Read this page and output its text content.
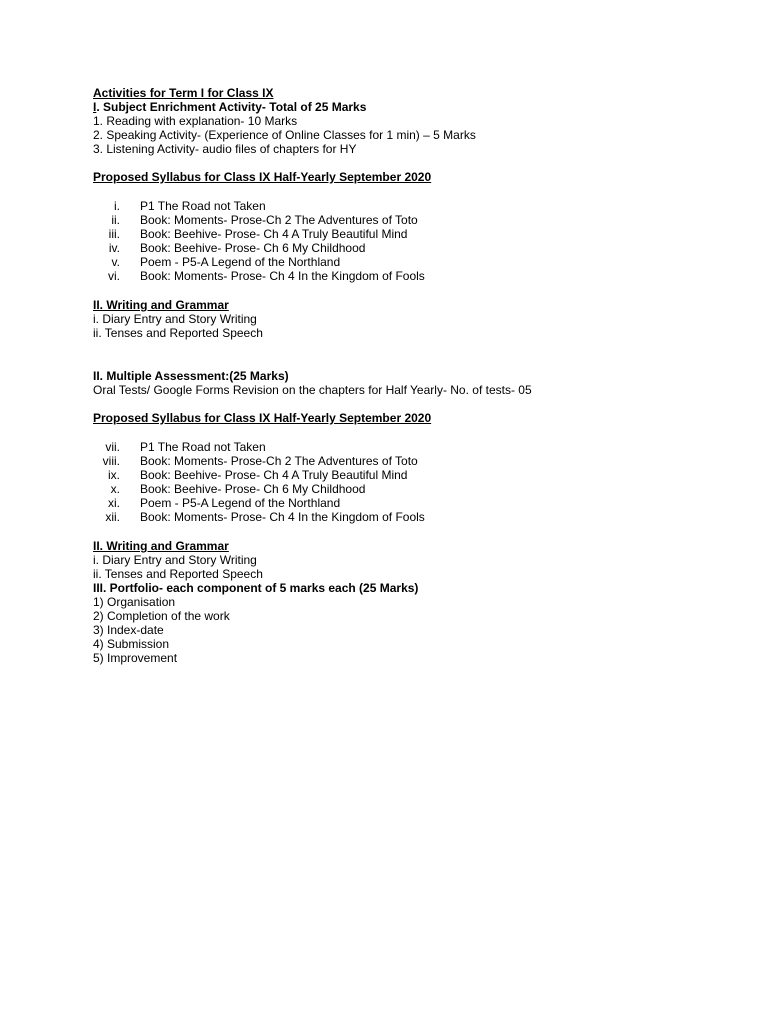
Activities for Term I for Class IX
I. Subject Enrichment Activity- Total of 25 Marks
1. Reading with explanation- 10 Marks
2. Speaking Activity- (Experience of Online Classes for 1 min) – 5 Marks
3. Listening Activity- audio files of chapters for HY
Proposed Syllabus for Class IX Half-Yearly September 2020
i. P1 The Road not Taken
ii. Book: Moments- Prose-Ch 2 The Adventures of Toto
iii. Book: Beehive- Prose- Ch 4 A Truly Beautiful Mind
iv. Book: Beehive- Prose- Ch 6 My Childhood
v. Poem - P5-A Legend of the Northland
vi. Book: Moments- Prose- Ch 4 In the Kingdom of Fools
II. Writing and Grammar
i. Diary Entry and Story Writing
ii. Tenses and Reported Speech
II. Multiple Assessment:(25 Marks)
Oral Tests/ Google Forms Revision on the chapters for Half Yearly- No. of tests- 05
Proposed Syllabus for Class IX Half-Yearly September 2020
vii. P1 The Road not Taken
viii. Book: Moments- Prose-Ch 2 The Adventures of Toto
ix. Book: Beehive- Prose- Ch 4 A Truly Beautiful Mind
x. Book: Beehive- Prose- Ch 6 My Childhood
xi. Poem - P5-A Legend of the Northland
xii. Book: Moments- Prose- Ch 4 In the Kingdom of Fools
II. Writing and Grammar
i. Diary Entry and Story Writing
ii. Tenses and Reported Speech
III. Portfolio- each component of 5 marks each (25 Marks)
1) Organisation
2) Completion of the work
3) Index-date
4) Submission
5) Improvement
